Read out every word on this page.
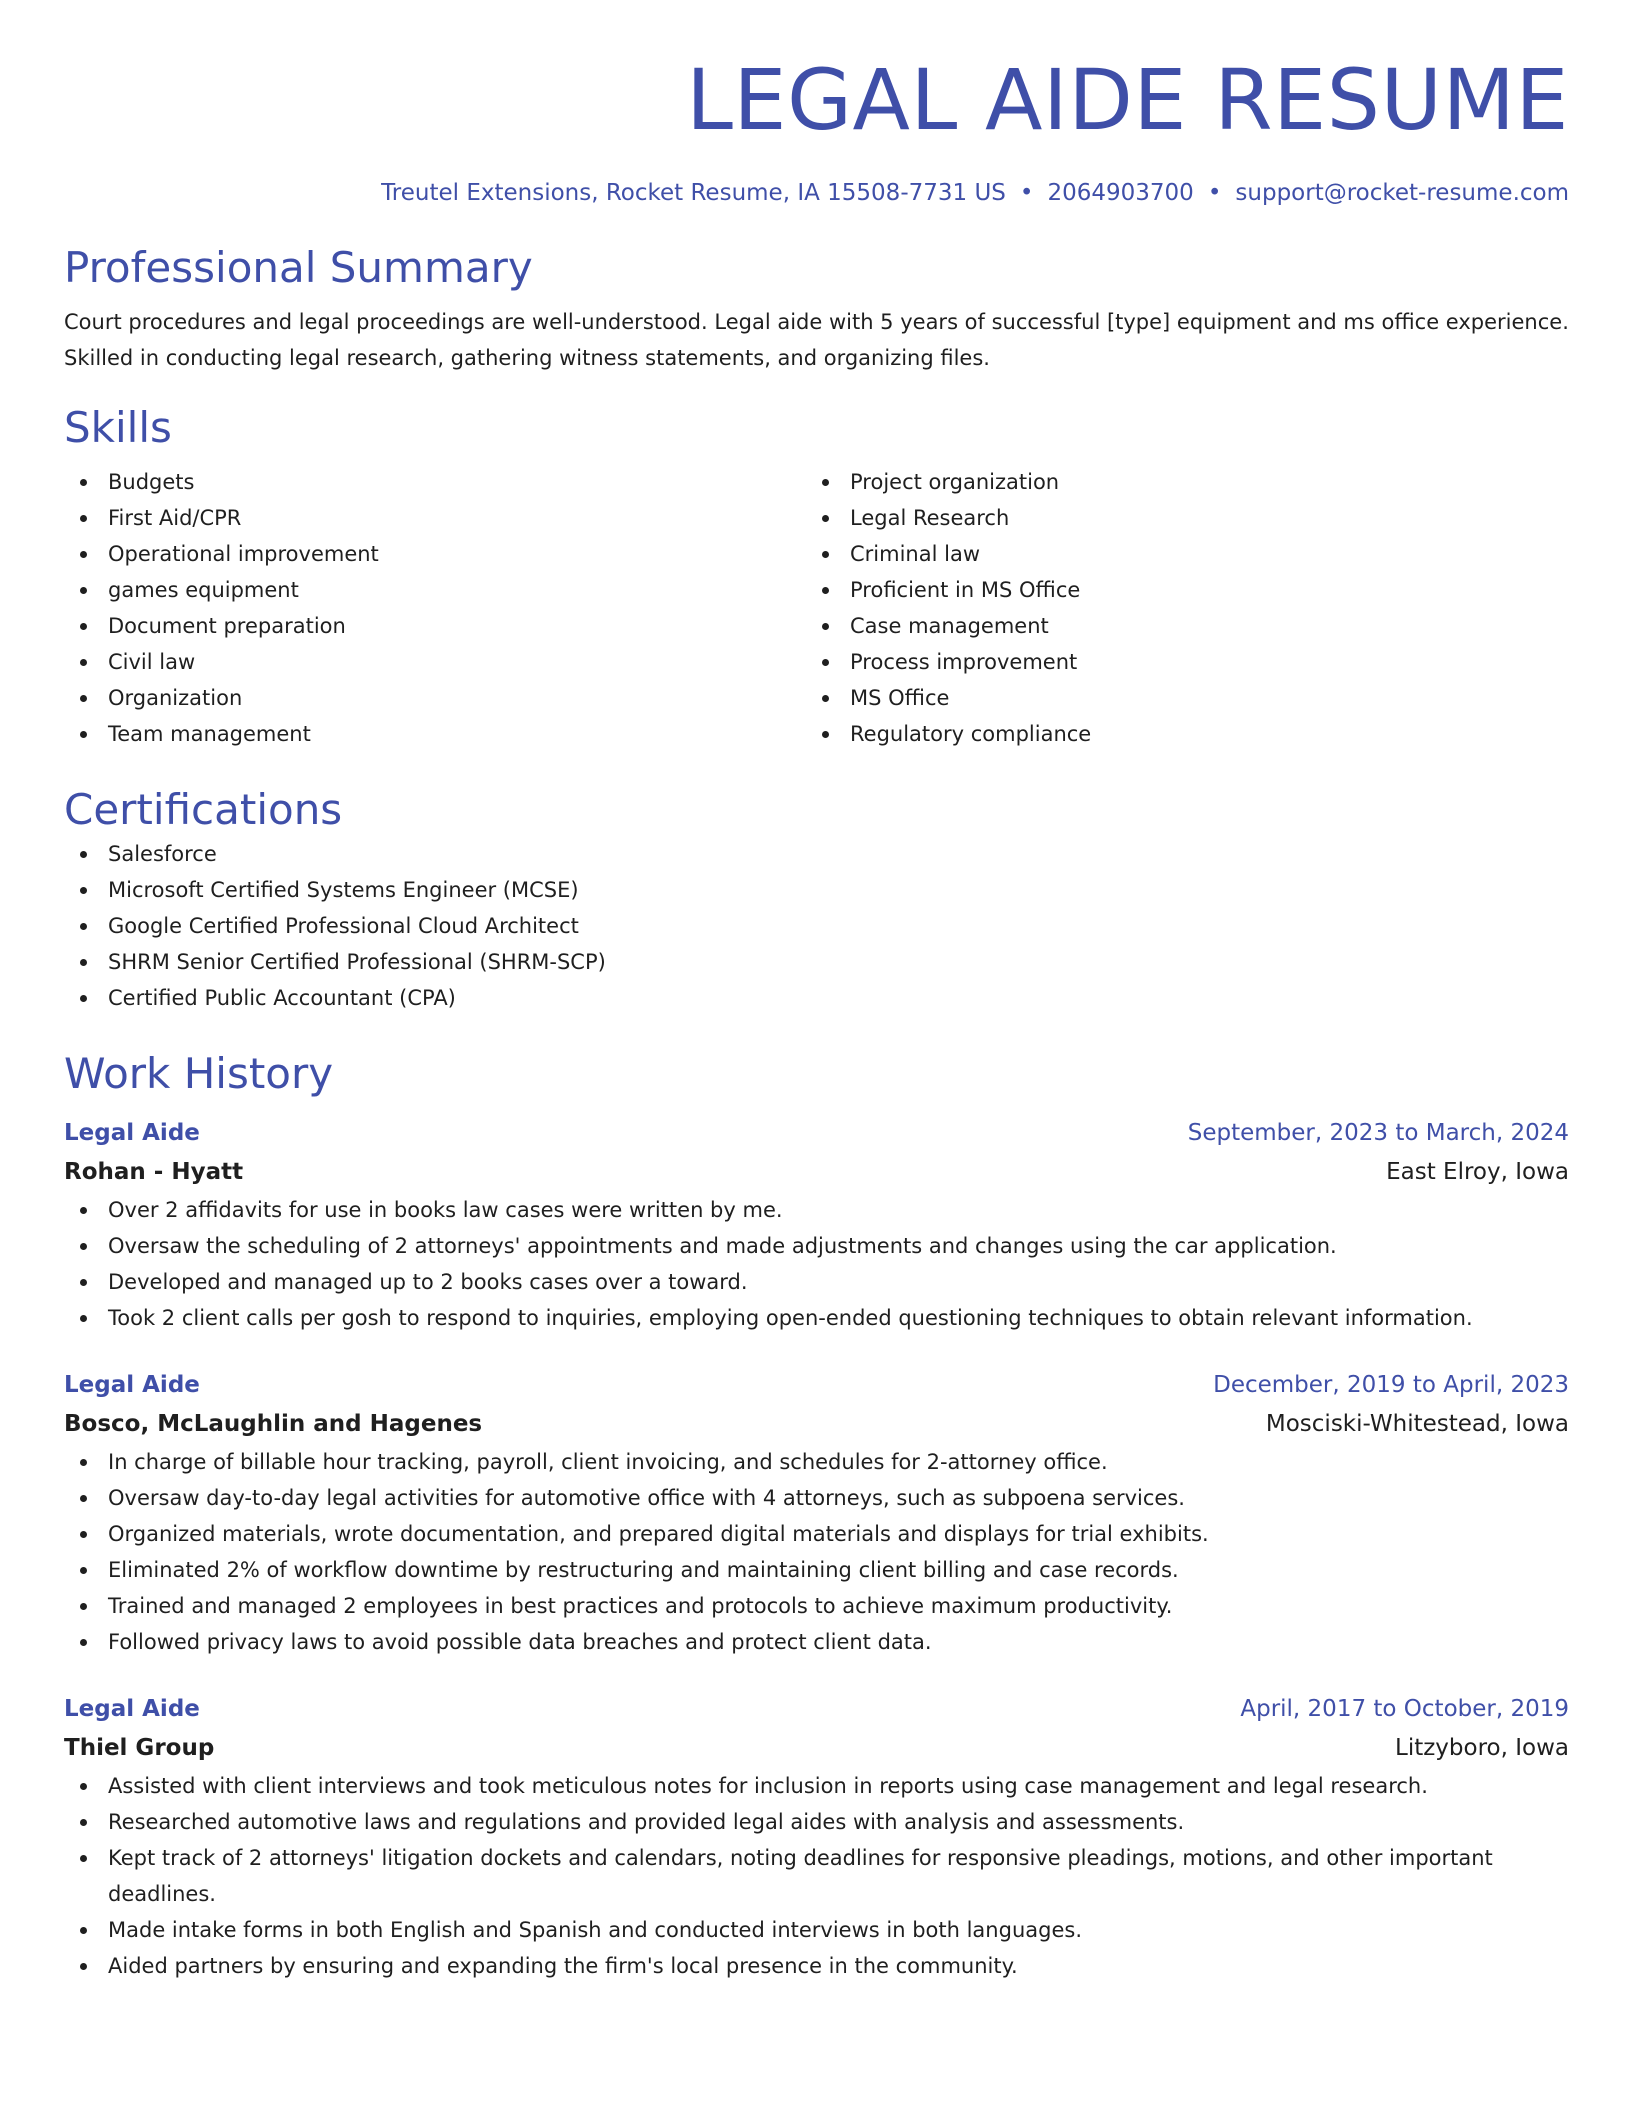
LEGAL AIDE RESUME
Treutel Extensions, Rocket Resume, IA 15508-7731 US • 2064903700 • support@rocket-resume.com
Professional Summary
Court procedures and legal proceedings are well-understood. Legal aide with 5 years of successful [type] equipment and ms office experience. Skilled in conducting legal research, gathering witness statements, and organizing files.
Skills
Budgets
First Aid/CPR
Operational improvement
games equipment
Document preparation
Civil law
Organization
Team management
Project organization
Legal Research
Criminal law
Proficient in MS Office
Case management
Process improvement
MS Office
Regulatory compliance
Certifications
Salesforce
Microsoft Certified Systems Engineer (MCSE)
Google Certified Professional Cloud Architect
SHRM Senior Certified Professional (SHRM-SCP)
Certified Public Accountant (CPA)
Work History
Legal Aide	September, 2023 to March, 2024
Rohan - Hyatt	East Elroy, Iowa
Over 2 affidavits for use in books law cases were written by me.
Oversaw the scheduling of 2 attorneys' appointments and made adjustments and changes using the car application.
Developed and managed up to 2 books cases over a toward.
Took 2 client calls per gosh to respond to inquiries, employing open-ended questioning techniques to obtain relevant information.
Legal Aide	December, 2019 to April, 2023
Bosco, McLaughlin and Hagenes	Mosciski-Whitestead, Iowa
In charge of billable hour tracking, payroll, client invoicing, and schedules for 2-attorney office.
Oversaw day-to-day legal activities for automotive office with 4 attorneys, such as subpoena services.
Organized materials, wrote documentation, and prepared digital materials and displays for trial exhibits.
Eliminated 2% of workflow downtime by restructuring and maintaining client billing and case records.
Trained and managed 2 employees in best practices and protocols to achieve maximum productivity.
Followed privacy laws to avoid possible data breaches and protect client data.
Legal Aide	April, 2017 to October, 2019
Thiel Group	Litzyboro, Iowa
Assisted with client interviews and took meticulous notes for inclusion in reports using case management and legal research.
Researched automotive laws and regulations and provided legal aides with analysis and assessments.
Kept track of 2 attorneys' litigation dockets and calendars, noting deadlines for responsive pleadings, motions, and other important deadlines.
Made intake forms in both English and Spanish and conducted interviews in both languages.
Aided partners by ensuring and expanding the firm's local presence in the community.
